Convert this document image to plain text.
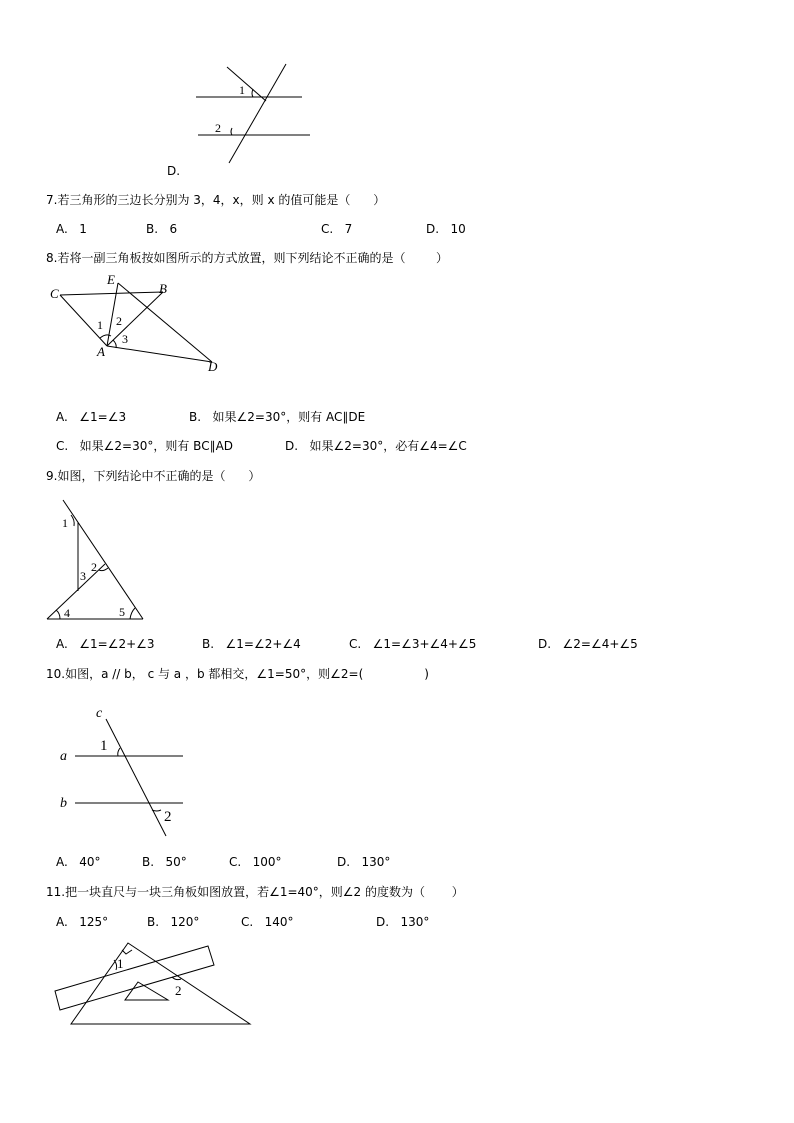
1
2
D.
7.若三角形的三边长分别为 3，4，x，则 x 的值可能是（      ）
A.   1	B.   6	C.   7	D.   10
8.若将一副三角板按如图所示的方式放置，则下列结论不正确的是（        ）
C
E
B
A
D
1 2
3
A.   ∠1=∠3	B.   如果∠2=30°，则有 AC∥DE
C.   如果∠2=30°，则有 BC∥AD	D.   如果∠2=30°，必有∠4=∠C
9.如图，下列结论中不正确的是（      ）
1
2
3
4	5
A.   ∠1=∠2+∠3	B.   ∠1=∠2+∠4	C.   ∠1=∠3+∠4+∠5	D.   ∠2=∠4+∠5
10.如图，a // b， c 与 a ，b 都相交，∠1=50°，则∠2=(                )
c
a
b
1
2
A.   40°	B.   50°	C.   100°	D.   130°
11.把一块直尺与一块三角板如图放置，若∠1=40°，则∠2 的度数为（       ）
A.   125°	B.   120°	C.   140°	D.   130°
1
2
